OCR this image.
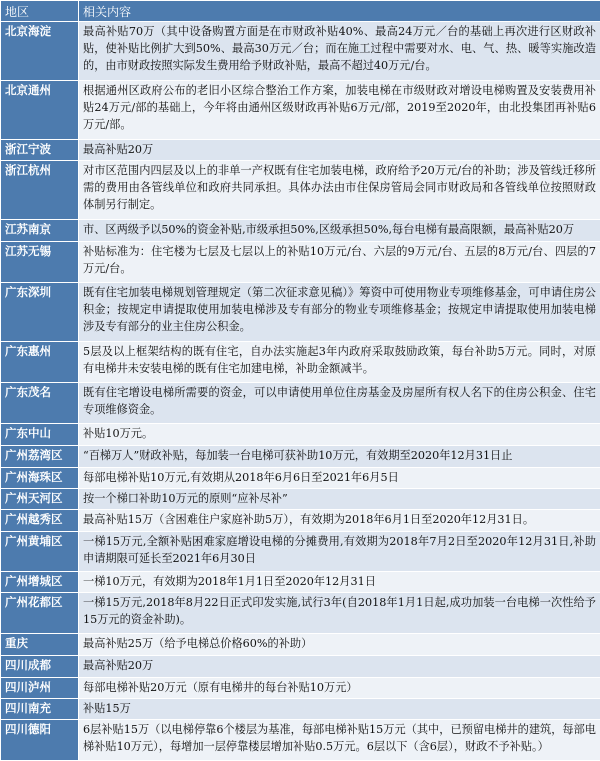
地区	相关内容
北京海淀	最高补贴70万（其中设备购置方面是在市财政补贴40%、最高24万元／台的基础上再次进行区财政补贴，使补贴比例扩大到50%、最高30万元／台；而在施工过程中需要对水、电、气、热、暖等实施改造的，由市财政按照实际发生费用给予财政补贴，最高不超过40万元/台。
北京通州	根据通州区政府公布的老旧小区综合整治工作方案，加装电梯在市级财政对增设电梯购置及安装费用补贴24万元/部的基础上，今年将由通州区级财政再补贴6万元/部，2019至2020年，由北投集团再补贴6万元/部。
浙江宁波	最高补贴20万
浙江杭州	对市区范围内四层及以上的非单一产权既有住宅加装电梯，政府给予20万元/台的补助；涉及管线迁移所需的费用由各管线单位和政府共同承担。具体办法由市住保房管局会同市财政局和各管线单位按照财政体制另行制定。
江苏南京	市、区两级予以50%的资金补贴,市级承担50%,区级承担50%,每台电梯有最高限额，最高补贴20万
江苏无锡	补贴标准为：住宅楼为七层及七层以上的补贴10万元/台、六层的9万元/台、五层的8万元/台、四层的7万元/台。
广东深圳	既有住宅加装电梯规划管理规定（第二次征求意见稿）》筹资中可使用物业专项维修基金，可申请住房公积金；按规定申请提取使用加装电梯涉及专有部分的物业专项维修基金；按规定申请提取使用加装电梯涉及专有部分的业主住房公积金。
广东惠州	5层及以上框架结构的既有住宅，自办法实施起3年内政府采取鼓励政策，每台补助5万元。同时，对原有电梯井未安装电梯的既有住宅加建电梯，补助金额减半。
广东茂名	既有住宅增设电梯所需要的资金，可以申请使用单位住房基金及房屋所有权人名下的住房公积金、住宅专项维修资金。
广东中山	补贴10万元。
广州荔湾区	“百梯万人”财政补贴，每加装一台电梯可获补助10万元，有效期至2020年12月31日止
广州海珠区	每部电梯补贴10万元,有效期从2018年6月6日至2021年6月5日
广州天河区	按一个梯口补助10万元的原则“应补尽补”
广州越秀区	最高补贴15万（含困难住户家庭补助5万），有效期为2018年6月1日至2020年12月31日。
广州黄埔区	一梯15万元,全额补贴困难家庭增设电梯的分摊费用,有效期为2018年7月2日至2020年12月31日,补助申请期限可延长至2021年6月30日
广州增城区	一梯10万元，有效期为2018年1月1日至2020年12月31日
广州花都区	一梯15万元,2018年8月22日正式印发实施,试行3年(自2018年1月1日起,成功加装一台电梯一次性给予15万元的资金补助)。
重庆	最高补贴25万（给予电梯总价格60%的补助）
四川成都	最高补贴20万
四川泸州	每部电梯补贴20万元（原有电梯井的每台补贴10万元）
四川南充	补贴15万
四川德阳	6层补贴15万（以电梯停靠6个楼层为基准，每部电梯补贴15万元（其中，已预留电梯井的建筑，每部电梯补贴10万元），每增加一层停靠楼层增加补贴0.5万元。6层以下（含6层），财政不予补贴。）
